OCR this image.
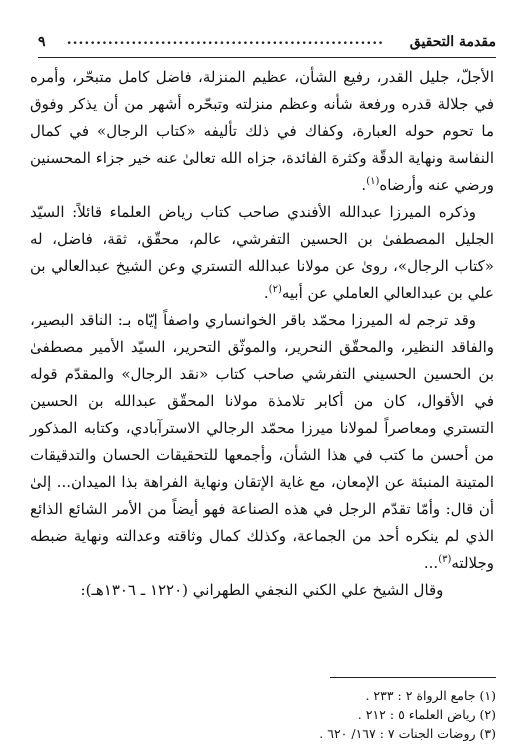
مقدمة التحقيق
......................................................
٩

الأجلّ، جليل القدر، رفيع الشأن، عظيم المنزلة، فاضل كامل متبحّر، وأمره في جلالة قدره ورفعة شأنه وعظم منزلته وتبحّره أشهر من أن يذكر وفوق ما تحوم حوله العبارة، وكفاك في ذلك تأليفه «كتاب الرجال» في كمال النفاسة ونهاية الدقّة وكثرة الفائدة، جزاه الله تعالىٰ عنه خير جزاء المحسنين ورضي عنه وأرضاه$^{(١)}$.

وذكره الميرزا عبدالله الأفندي صاحب كتاب رياض العلماء قائلاً: السيّد الجليل المصطفىٰ بن الحسين التفرشي، عالم، محقّق، ثقة، فاضل، له «كتاب الرجال»، روىٰ عن مولانا عبدالله التستري وعن الشيخ عبدالعالي بن علي بن عبدالعالي العاملي عن أبيه$^{(٢)}$.

وقد ترجم له الميرزا محمّد باقر الخوانساري واصفاً إيّاه بـ: الناقد البصير، والفاقد النظير، والمحقّق النحرير، والموثّق التحرير، السيّد الأمير مصطفىٰ بن الحسين الحسيني التفرشي صاحب كتاب «نقد الرجال» والمقدّم قوله في الأقوال، كان من أكابر تلامذة مولانا المحقّق عبدالله بن الحسين التستري ومعاصراً لمولانا ميرزا محمّد الرجالي الاسترآبادي، وكتابه المذكور من أحسن ما كتب في هذا الشأن، وأجمعها للتحقيقات الحسان والتدقيقات المتينة المنبئة عن الإمعان، مع غاية الإتقان ونهاية الفراهة بذا الميدان... إلىٰ أن قال: وأمّا تقدّم الرجل في هذه الصناعة فهو أيضاً من الأمر الشائع الذائع الذي لم ينكره أحد من الجماعة، وكذلك كمال وثاقته وعدالته ونهاية ضبطه وجلالته$^{(٣)}$...

وقال الشيخ علي الكني النجفي الطهراني (١٢٢٠ ـ ١٣٠٦هـ):

(١) جامع الرواة ٢ : ٢٣٣ .
(٢) رياض العلماء ٥ : ٢١٢ .
(٣) روضات الجنات ٧ : ١٦٧/ ٦٢٠ .
